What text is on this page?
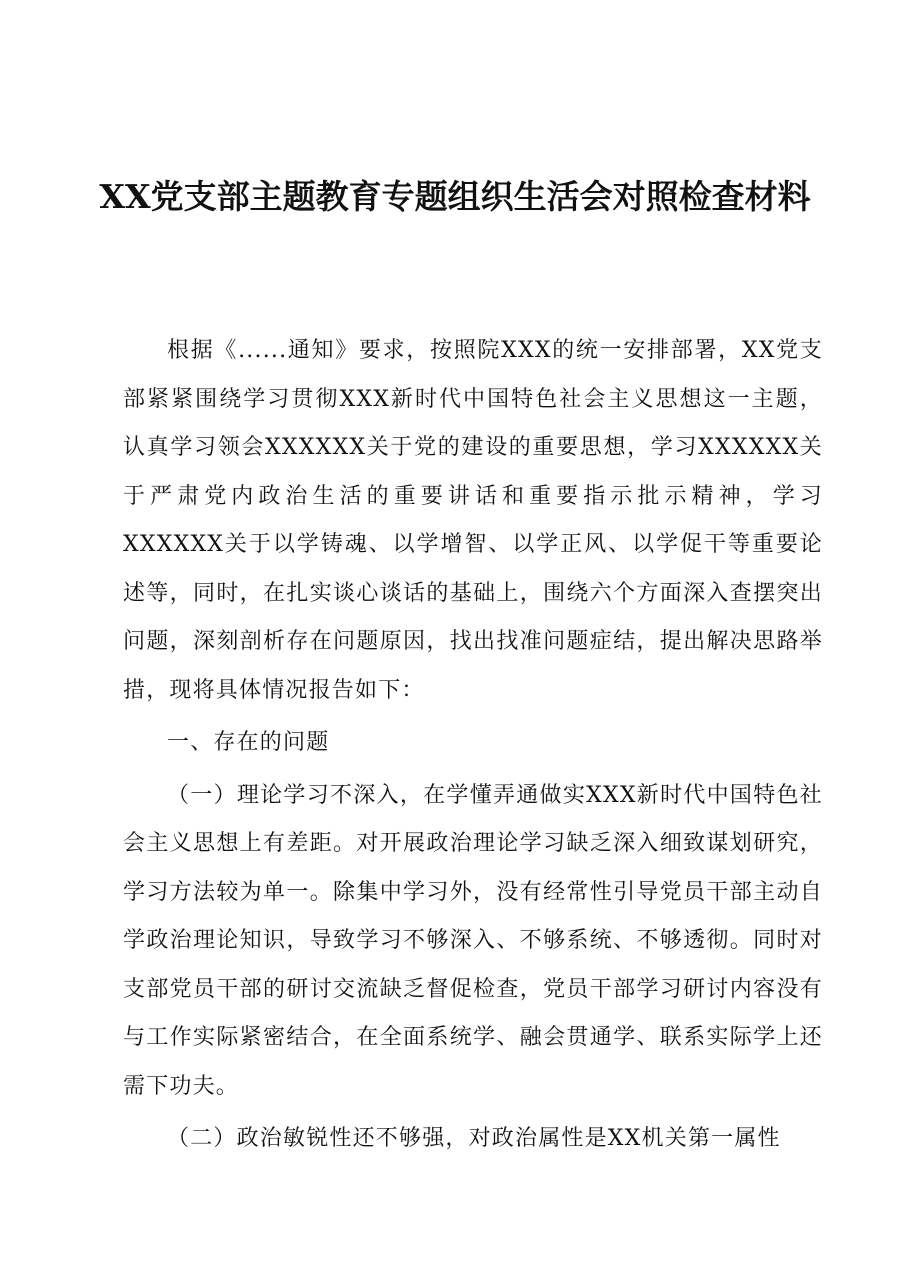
XX党支部主题教育专题组织生活会对照检查材料

根据《......通知》要求，按照院XXX的统一安排部署，XX党支部紧紧围绕学习贯彻XXX新时代中国特色社会主义思想这一主题，认真学习领会XXXXXX关于党的建设的重要思想，学习XXXXXX关于严肃党内政治生活的重要讲话和重要指示批示精神，学习XXXXXX关于以学铸魂、以学增智、以学正风、以学促干等重要论述等，同时，在扎实谈心谈话的基础上，围绕六个方面深入查摆突出问题，深刻剖析存在问题原因，找出找准问题症结，提出解决思路举措，现将具体情况报告如下：

一、存在的问题

（一）理论学习不深入，在学懂弄通做实XXX新时代中国特色社会主义思想上有差距。对开展政治理论学习缺乏深入细致谋划研究，学习方法较为单一。除集中学习外，没有经常性引导党员干部主动自学政治理论知识，导致学习不够深入、不够系统、不够透彻。同时对支部党员干部的研讨交流缺乏督促检查，党员干部学习研讨内容没有与工作实际紧密结合，在全面系统学、融会贯通学、联系实际学上还需下功夫。

（二）政治敏锐性还不够强，对政治属性是XX机关第一属性
